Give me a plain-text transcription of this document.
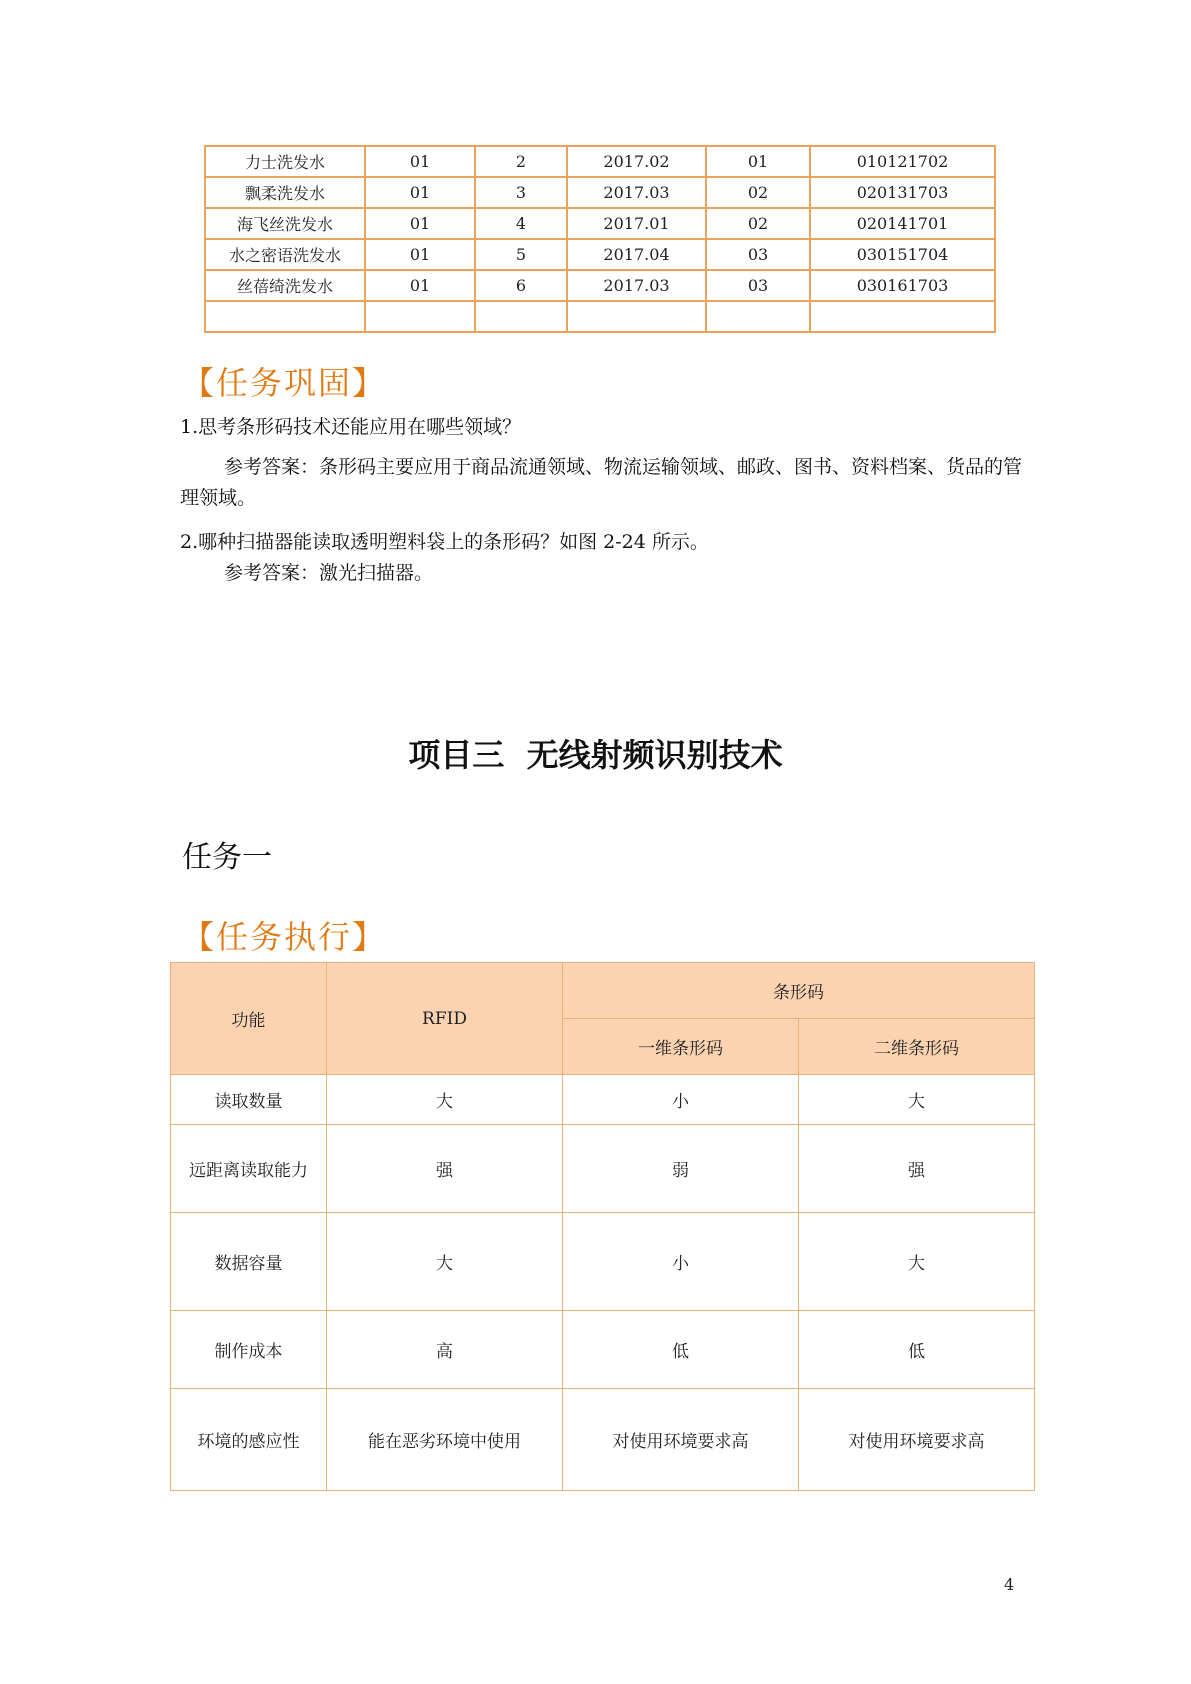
力士洗发水	01	2	2017.02	01	010121702
飘柔洗发水	01	3	2017.03	02	020131703
海飞丝洗发水	01	4	2017.01	02	020141701
水之密语洗发水	01	5	2017.04	03	030151704
丝蓓绮洗发水	01	6	2017.03	03	030161703

【任务巩固】
1.思考条形码技术还能应用在哪些领域？
参考答案：条形码主要应用于商品流通领域、物流运输领域、邮政、图书、资料档案、货品的管理领域。
2.哪种扫描器能读取透明塑料袋上的条形码？如图 2-24 所示。
参考答案：激光扫描器。
项目三  无线射频识别技术
任务一
【任务执行】
功能	RFID	条形码	
		一维条形码	二维条形码
读取数量	大	小	大
远距离读取能力	强	弱	强
数据容量	大	小	大
制作成本	高	低	低
环境的感应性	能在恶劣环境中使用	对使用环境要求高	对使用环境要求高
4
